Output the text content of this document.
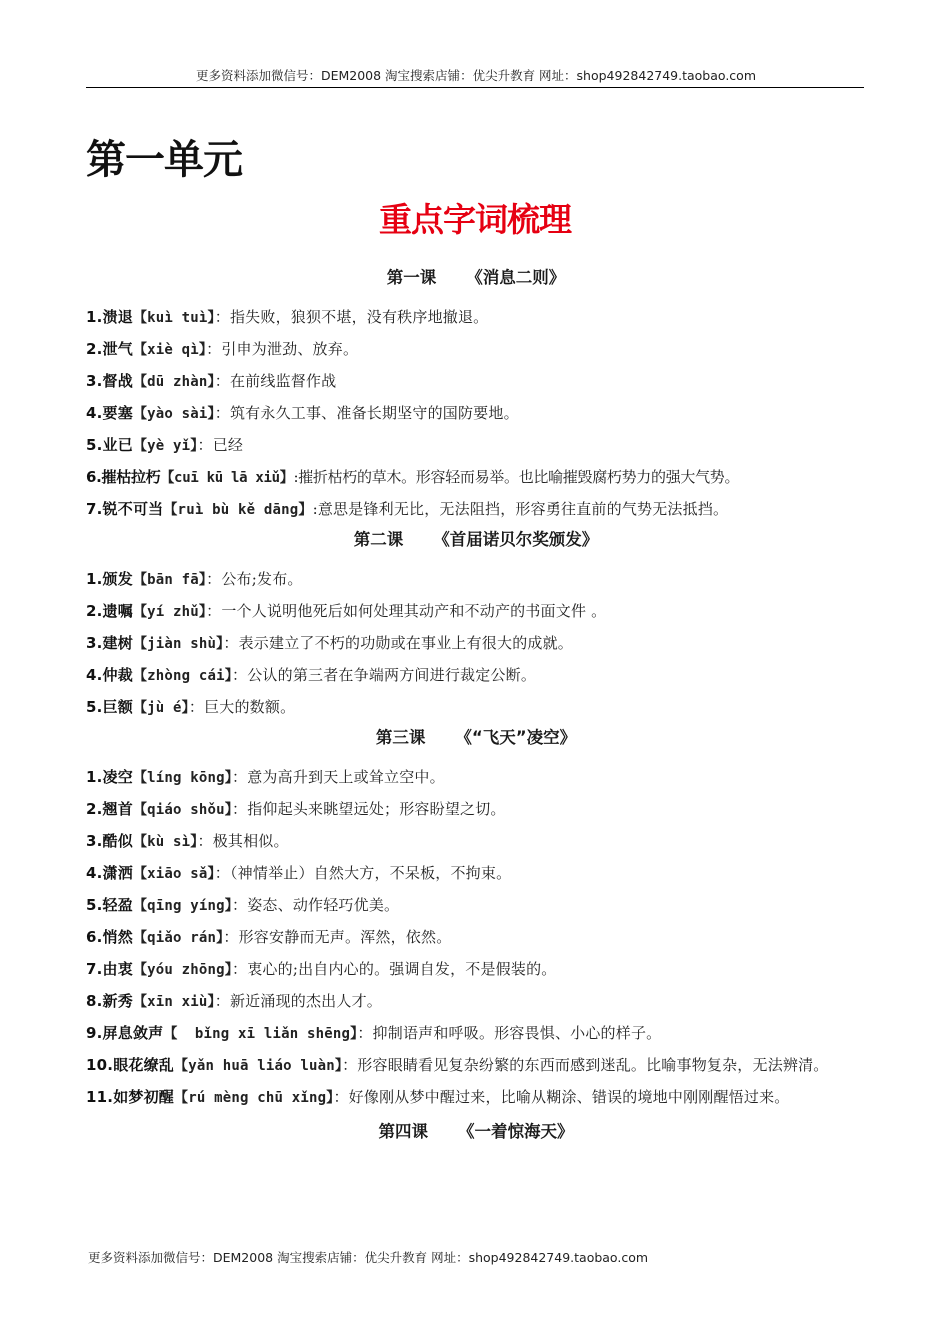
更多资料添加微信号：DEM2008 淘宝搜索店铺：优尖升教育 网址：shop492842749.taobao.com
第一单元
重点字词梳理
第一课 《消息二则》

1.溃退【kuì tuì】：指失败，狼狈不堪，没有秩序地撤退。

2.泄气【xiè qì】：引申为泄劲、放弃。

3.督战【dū zhàn】：在前线监督作战

4.要塞【yào sài】：筑有永久工事、准备长期坚守的国防要地。

5.业已【yè yǐ】：已经

6.摧枯拉朽【cuī kū lā xiǔ】:摧折枯朽的草木。形容轻而易举。也比喻摧毁腐朽势力的强大气势。

7.锐不可当【ruì bù kě dāng】:意思是锋利无比，无法阻挡，形容勇往直前的气势无法抵挡。

第二课 《首届诺贝尔奖颁发》

1.颁发【bān fā】：公布;发布。

2.遗嘱【yí zhǔ】：一个人说明他死后如何处理其动产和不动产的书面文件 。

3.建树【jiàn shù】：表示建立了不朽的功勋或在事业上有很大的成就。

4.仲裁【zhòng cái】：公认的第三者在争端两方间进行裁定公断。

5.巨额【jù é】：巨大的数额。

第三课 《“飞天”凌空》

1.凌空【líng kōng】：意为高升到天上或耸立空中。

2.翘首【qiáo shǒu】：指仰起头来眺望远处；形容盼望之切。

3.酷似【kù sì】：极其相似。

4.潇洒【xiāo sǎ】：（神情举止）自然大方，不呆板，不拘束。

5.轻盈【qīng yíng】：姿态、动作轻巧优美。

6.悄然【qiǎo rán】：形容安静而无声。浑然，依然。

7.由衷【yóu zhōng】：衷心的;出自内心的。强调自发，不是假装的。

8.新秀【xīn xiù】：新近涌现的杰出人才。

9.屏息敛声【  bǐng xī liǎn shēng】：抑制语声和呼吸。形容畏惧、小心的样子。

10.眼花缭乱【yǎn huā liáo luàn】：形容眼睛看见复杂纷繁的东西而感到迷乱。比喻事物复杂，无法辨清。

11.如梦初醒【rú mèng chū xǐng】：好像刚从梦中醒过来，比喻从糊涂、错误的境地中刚刚醒悟过来。

第四课 《一着惊海天》
更多资料添加微信号：DEM2008 淘宝搜索店铺：优尖升教育 网址：shop492842749.taobao.com
